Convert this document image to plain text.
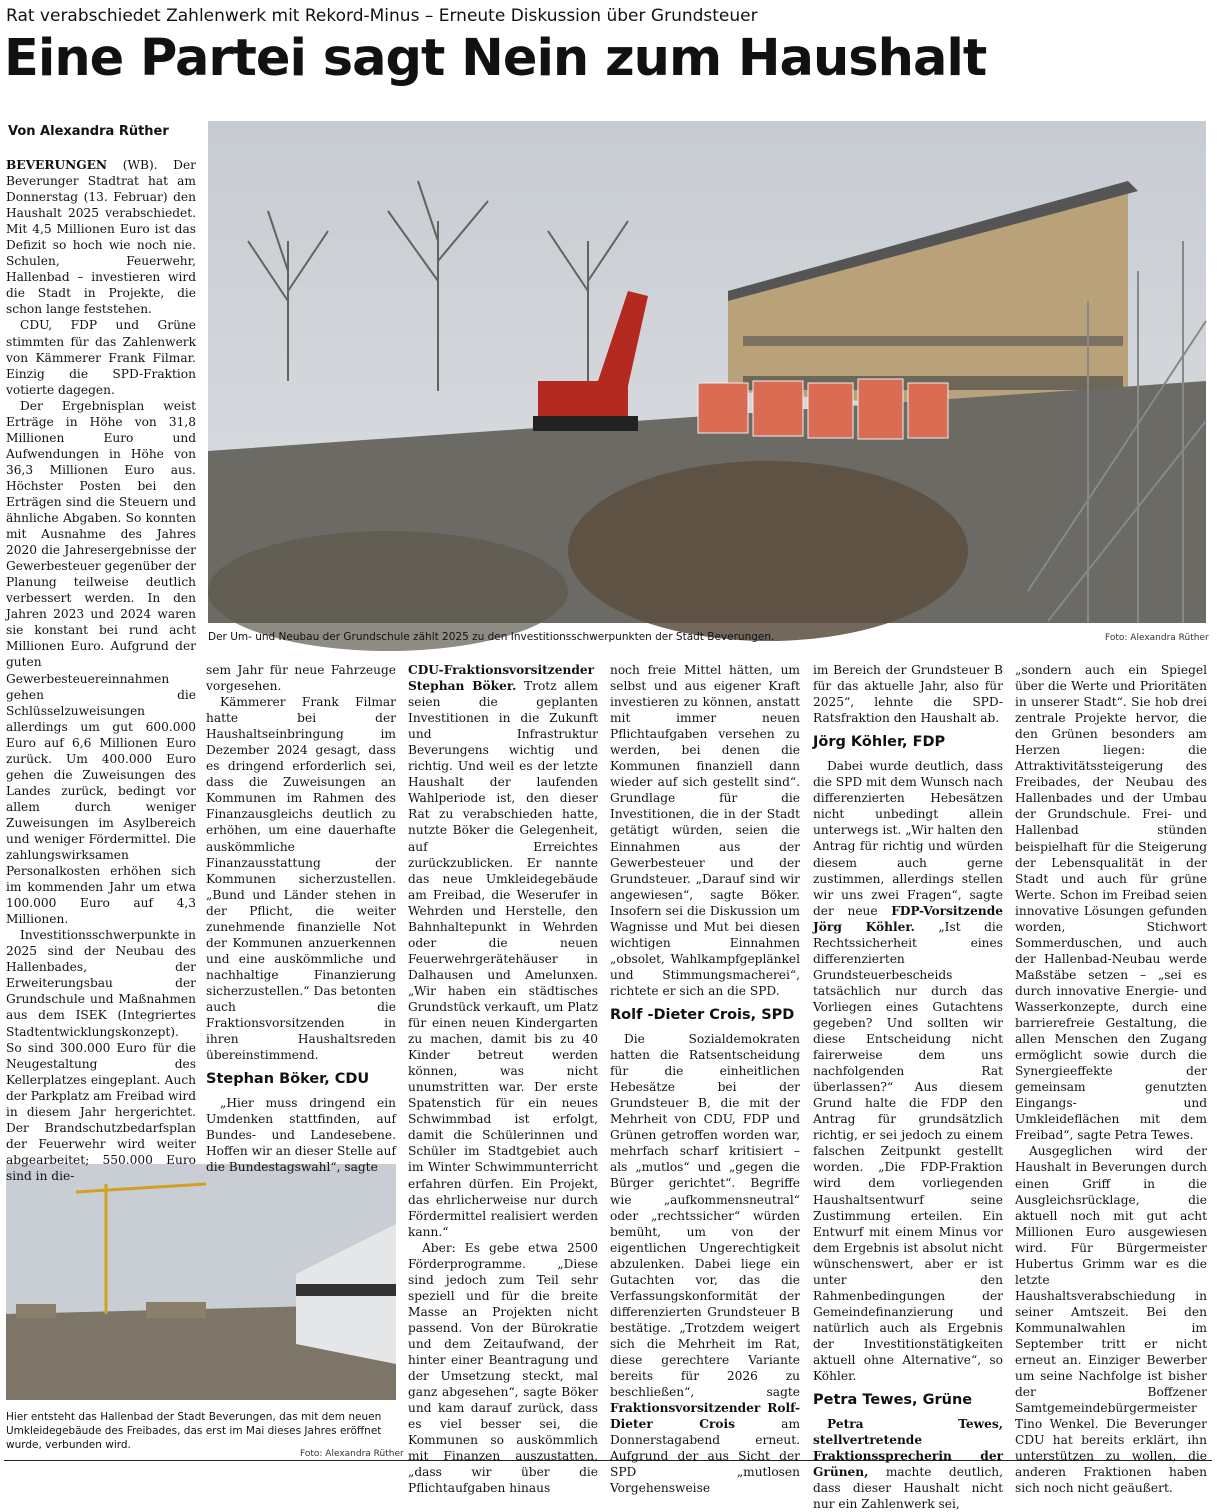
Rat verabschiedet Zahlenwerk mit Rekord-Minus – Erneute Diskussion über Grundsteuer
Eine Partei sagt Nein zum Haushalt
Von Alexandra Rüther
Der Um- und Neubau der Grundschule zählt 2025 zu den Investitionsschwerpunkten der Stadt Beverungen.	Foto: Alexandra Rüther
Hier entsteht das Hallenbad der Stadt Beverungen, das mit dem neuen Umkleidegebäude des Freibades, das erst im Mai dieses Jahres eröffnet wurde, verbunden wird.
Foto: Alexandra Rüther

BEVERUNGEN (WB). Der Beverunger Stadtrat hat am Donnerstag (13. Februar) den Haushalt 2025 verabschiedet. Mit 4,5 Millionen Euro ist das Defizit so hoch wie noch nie. Schulen, Feuerwehr, Hallenbad – investieren wird die Stadt in Projekte, die schon lange feststehen.

CDU, FDP und Grüne stimmten für das Zahlenwerk von Kämmerer Frank Filmar. Einzig die SPD-Fraktion votierte dagegen.

Der Ergebnisplan weist Erträge in Höhe von 31,8 Millionen Euro und Aufwendungen in Höhe von 36,3 Millionen Euro aus. Höchster Posten bei den Erträgen sind die Steuern und ähnliche Abgaben. So konnten mit Ausnahme des Jahres 2020 die Jahresergebnisse der Gewerbesteuer gegenüber der Planung teilweise deutlich verbessert werden. In den Jahren 2023 und 2024 waren sie konstant bei rund acht Millionen Euro. Aufgrund der guten Gewerbesteuereinnahmen gehen die Schlüsselzuweisungen allerdings um gut 600.000 Euro auf 6,6 Millionen Euro zurück. Um 400.000 Euro gehen die Zuweisungen des Landes zurück, bedingt vor allem durch weniger Zuweisungen im Asylbereich und weniger Fördermittel. Die zahlungswirksamen Personalkosten erhöhen sich im kommenden Jahr um etwa 100.000 Euro auf 4,3 Millionen.

Investitionsschwerpunkte in 2025 sind der Neubau des Hallenbades, der Erweiterungsbau der Grundschule und Maßnahmen aus dem ISEK (Integriertes Stadtentwicklungskonzept). So sind 300.000 Euro für die Neugestaltung des Kellerplatzes eingeplant. Auch der Parkplatz am Freibad wird in diesem Jahr hergerichtet. Der Brandschutzbedarfsplan der Feuerwehr wird weiter abgearbeitet; 550.000 Euro sind in die-

sem Jahr für neue Fahrzeuge vorgesehen.

Kämmerer Frank Filmar hatte bei der Haushaltseinbringung im Dezember 2024 gesagt, dass es dringend erforderlich sei, dass die Zuweisungen an Kommunen im Rahmen des Finanzausgleichs deutlich zu erhöhen, um eine dauerhafte auskömmliche Finanzausstattung der Kommunen sicherzustellen. „Bund und Länder stehen in der Pflicht, die weiter zunehmende finanzielle Not der Kommunen anzuerkennen und eine auskömmliche und nachhaltige Finanzierung sicherzustellen.“ Das betonten auch die Fraktionsvorsitzenden in ihren Haushaltsreden übereinstimmend.

Stephan Böker, CDU

„Hier muss dringend ein Umdenken stattfinden, auf Bundes- und Landesebene. Hoffen wir an dieser Stelle auf die Bundestagswahl“, sagte

CDU-Fraktionsvorsitzender Stephan Böker. Trotz allem seien die geplanten Investitionen in die Zukunft und Infrastruktur Beverungens wichtig und richtig. Und weil es der letzte Haushalt der laufenden Wahlperiode ist, den dieser Rat zu verabschieden hatte, nutzte Böker die Gelegenheit, auf Erreichtes zurückzublicken. Er nannte das neue Umkleidegebäude am Freibad, die Weserufer in Wehrden und Herstelle, den Bahnhaltepunkt in Wehrden oder die neuen Feuerwehrgerätehäuser in Dalhausen und Amelunxen. „Wir haben ein städtisches Grundstück verkauft, um Platz für einen neuen Kindergarten zu machen, damit bis zu 40 Kinder betreut werden können, was nicht unumstritten war. Der erste Spatenstich für ein neues Schwimmbad ist erfolgt, damit die Schülerinnen und Schüler im Stadtgebiet auch im Winter Schwimmunterricht erfahren dürfen. Ein Projekt, das ehrlicherweise nur durch Fördermittel realisiert werden kann.“

Aber: Es gebe etwa 2500 Förderprogramme. „Diese sind jedoch zum Teil sehr speziell und für die breite Masse an Projekten nicht passend. Von der Bürokratie und dem Zeitaufwand, der hinter einer Beantragung und der Umsetzung steckt, mal ganz abgesehen“, sagte Böker und kam darauf zurück, dass es viel besser sei, die Kommunen so auskömmlich mit Finanzen auszustatten, „dass wir über die Pflichtaufgaben hinaus

noch freie Mittel hätten, um selbst und aus eigener Kraft investieren zu können, anstatt mit immer neuen Pflichtaufgaben versehen zu werden, bei denen die Kommunen finanziell dann wieder auf sich gestellt sind“. Grundlage für die Investitionen, die in der Stadt getätigt würden, seien die Einnahmen aus der Gewerbesteuer und der Grundsteuer. „Darauf sind wir angewiesen“, sagte Böker. Insofern sei die Diskussion um Wagnisse und Mut bei diesen wichtigen Einnahmen „obsolet, Wahlkampfgeplänkel und Stimmungsmacherei“, richtete er sich an die SPD.

Rolf -Dieter Crois, SPD

Die Sozialdemokraten hatten die Ratsentscheidung für die einheitlichen Hebesätze bei der Grundsteuer B, die mit der Mehrheit von CDU, FDP und Grünen getroffen worden war, mehrfach scharf kritisiert – als „mutlos“ und „gegen die Bürger gerichtet“. Begriffe wie „aufkommensneutral“ oder „rechtssicher“ würden bemüht, um von der eigentlichen Ungerechtigkeit abzulenken. Dabei liege ein Gutachten vor, das die Verfassungskonformität der differenzierten Grundsteuer B bestätige. „Trotzdem weigert sich die Mehrheit im Rat, diese gerechtere Variante bereits für 2026 zu beschließen“, sagte Fraktionsvorsitzender Rolf-Dieter Crois	am Donnerstagabend erneut. Aufgrund der aus Sicht der SPD „mutlosen Vorgehensweise

im Bereich der Grundsteuer B für das aktuelle Jahr, also für 2025“, lehnte die SPD-Ratsfraktion den Haushalt ab.

Jörg Köhler, FDP

Dabei wurde deutlich, dass die SPD mit dem Wunsch nach differenzierten Hebesätzen nicht unbedingt allein unterwegs ist. „Wir halten den Antrag für richtig und würden diesem auch gerne zustimmen, allerdings stellen wir uns zwei Fragen“, sagte der neue FDP-Vorsitzende Jörg Köhler. „Ist die Rechtssicherheit eines differenzierten Grundsteuerbescheids tatsächlich nur durch das Vorliegen eines Gutachtens gegeben? Und sollten wir diese Entscheidung nicht fairerweise dem uns nachfolgenden Rat überlassen?“ Aus diesem Grund halte die FDP den Antrag für grundsätzlich richtig, er sei jedoch zu einem falschen Zeitpunkt gestellt worden. „Die FDP-Fraktion wird dem vorliegenden Haushaltsentwurf seine Zustimmung erteilen. Ein Entwurf mit einem Minus vor dem Ergebnis ist absolut nicht wünschenswert, aber er ist unter den Rahmenbedingungen der Gemeindefinanzierung und natürlich auch als Ergebnis der Investitionstätigkeiten aktuell ohne Alternative“, so Köhler.

Petra Tewes, Grüne

Petra Tewes, stellvertretende Fraktionssprecherin der Grünen, machte deutlich, dass dieser Haushalt nicht nur ein Zahlenwerk sei,

„sondern auch ein Spiegel über die Werte und Prioritäten in unserer Stadt“. Sie hob drei zentrale Projekte hervor, die den Grünen besonders am Herzen liegen: die Attraktivitätssteigerung des Freibades, der Neubau des Hallenbades und der Umbau der Grundschule. Frei- und Hallenbad stünden beispielhaft für die Steigerung der Lebensqualität in der Stadt und auch für grüne Werte. Schon im Freibad seien innovative Lösungen gefunden worden, Stichwort Sommerduschen, und auch der Hallenbad-Neubau werde Maßstäbe setzen – „sei es durch innovative Energie- und Wasserkonzepte, durch eine barrierefreie Gestaltung, die allen Menschen den Zugang ermöglicht sowie durch die Synergieeffekte der gemeinsam genutzten Eingangs- und Umkleideflächen mit dem Freibad“, sagte Petra Tewes.

Ausgeglichen wird der Haushalt in Beverungen durch einen Griff in die Ausgleichsrücklage, die aktuell noch mit gut acht Millionen Euro ausgewiesen wird. Für Bürgermeister Hubertus Grimm war es die letzte Haushaltsverabschiedung in seiner Amtszeit. Bei den Kommunalwahlen im September tritt er nicht erneut an. Einziger Bewerber um seine Nachfolge ist bisher der Boffzener Samtgemeindebürgermeister Tino Wenkel. Die Beverunger CDU hat bereits erklärt, ihn unterstützen zu wollen, die anderen Fraktionen haben sich noch nicht geäußert.
